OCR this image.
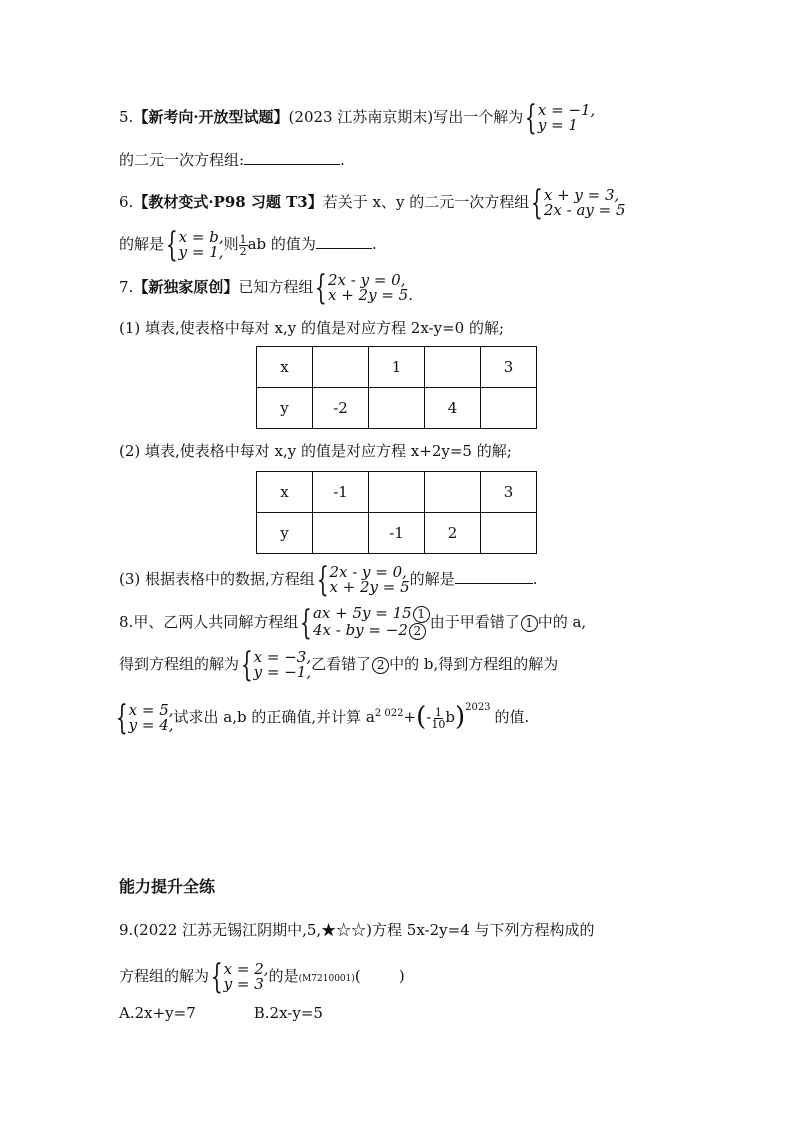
5.【新考向·开放型试题】(2023 江苏南京期末)写出一个解为 { x = −1,
y = 1
的二元一次方程组:	.
6.【教材变式·P98 习题 T3】若关于 x、y 的二元一次方程组 { x + y = 3,
2x - ay = 5
的解是 { x = b,
y = 1, 则 $\frac{1}{2}$ ab 的值为	.
7.【新独家原创】已知方程组 { 2x - y = 0,
x + 2y = 5.
(1) 填表,使表格中每对 x,y 的值是对应方程 2x-y=0 的解;
x		1		3
y	-2		4	
(2) 填表,使表格中每对 x,y 的值是对应方程 x+2y=5 的解;
x	-1			3
y		-1	2	
(3) 根据表格中的数据,方程组 { 2x - y = 0,
x + 2y = 5 的解是	.
8.甲、乙两人共同解方程组 { ax + 5y = 15 1
4x - by = −2 2 由于甲看错了 1 中的 a,
得到方程组的解为 { x = −3,
y = −1, 乙看错了 2 中的 b,得到方程组的解为
{ x = 5,
y = 4, 试求出 a,b 的正确值,并计算 $a^{2 022}+(- \frac{1}{10} b)^{2023}$的值.
能力提升全练
9.(2022 江苏无锡江阴期中,5,★☆☆)方程 5x-2y=4 与下列方程构成的
方程组的解为 { x = 2,
y = 3 的是(M7210001)(        )
A.2x+y=7	B.2x-y=5
